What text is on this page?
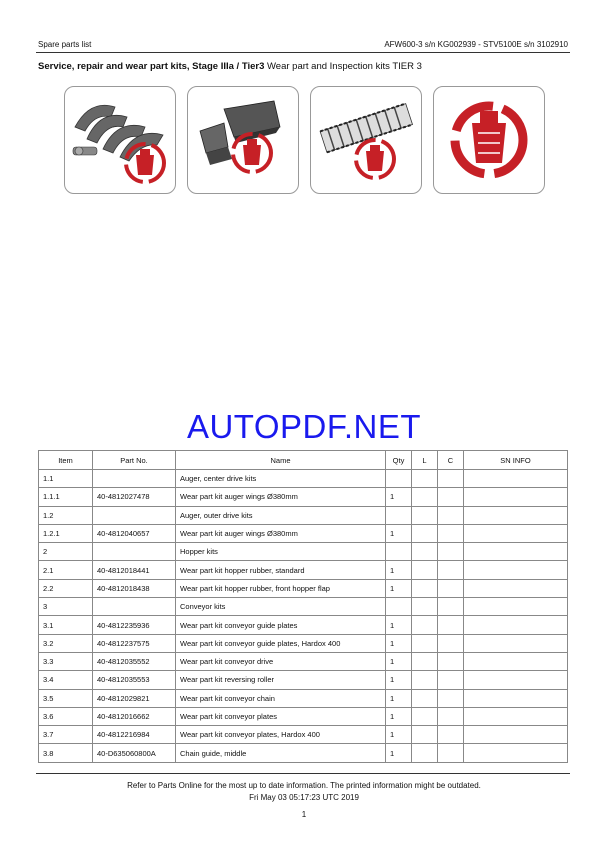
Spare parts list	AFW600-3 s/n KG002939 - STV5100E s/n 3102910
Service, repair and wear part kits, Stage IIIa / Tier3 Wear part and Inspection kits TIER 3
AUTOPDF.NET
Item	Part No.	Name	Qty	L	C	SN INFO
1.1		Auger, center drive kits				
1.1.1	40-4812027478	Wear part kit auger wings Ø380mm	1			
1.2		Auger, outer drive kits				
1.2.1	40-4812040657	Wear part kit auger wings Ø380mm	1			
2		Hopper kits				
2.1	40-4812018441	Wear part kit hopper rubber, standard	1			
2.2	40-4812018438	Wear part kit hopper rubber, front hopper flap	1			
3		Conveyor kits				
3.1	40-4812235936	Wear part kit conveyor guide plates	1			
3.2	40-4812237575	Wear part kit conveyor guide plates, Hardox 400	1			
3.3	40-4812035552	Wear part kit conveyor drive	1			
3.4	40-4812035553	Wear part kit reversing roller	1			
3.5	40-4812029821	Wear part kit conveyor chain	1			
3.6	40-4812016662	Wear part kit conveyor plates	1			
3.7	40-4812216984	Wear part kit conveyor plates, Hardox 400	1			
3.8	40-D635060800A	Chain guide, middle	1			
Refer to Parts Online for the most up to date information. The printed information might be outdated.
Fri May 03 05:17:23 UTC 2019
1
